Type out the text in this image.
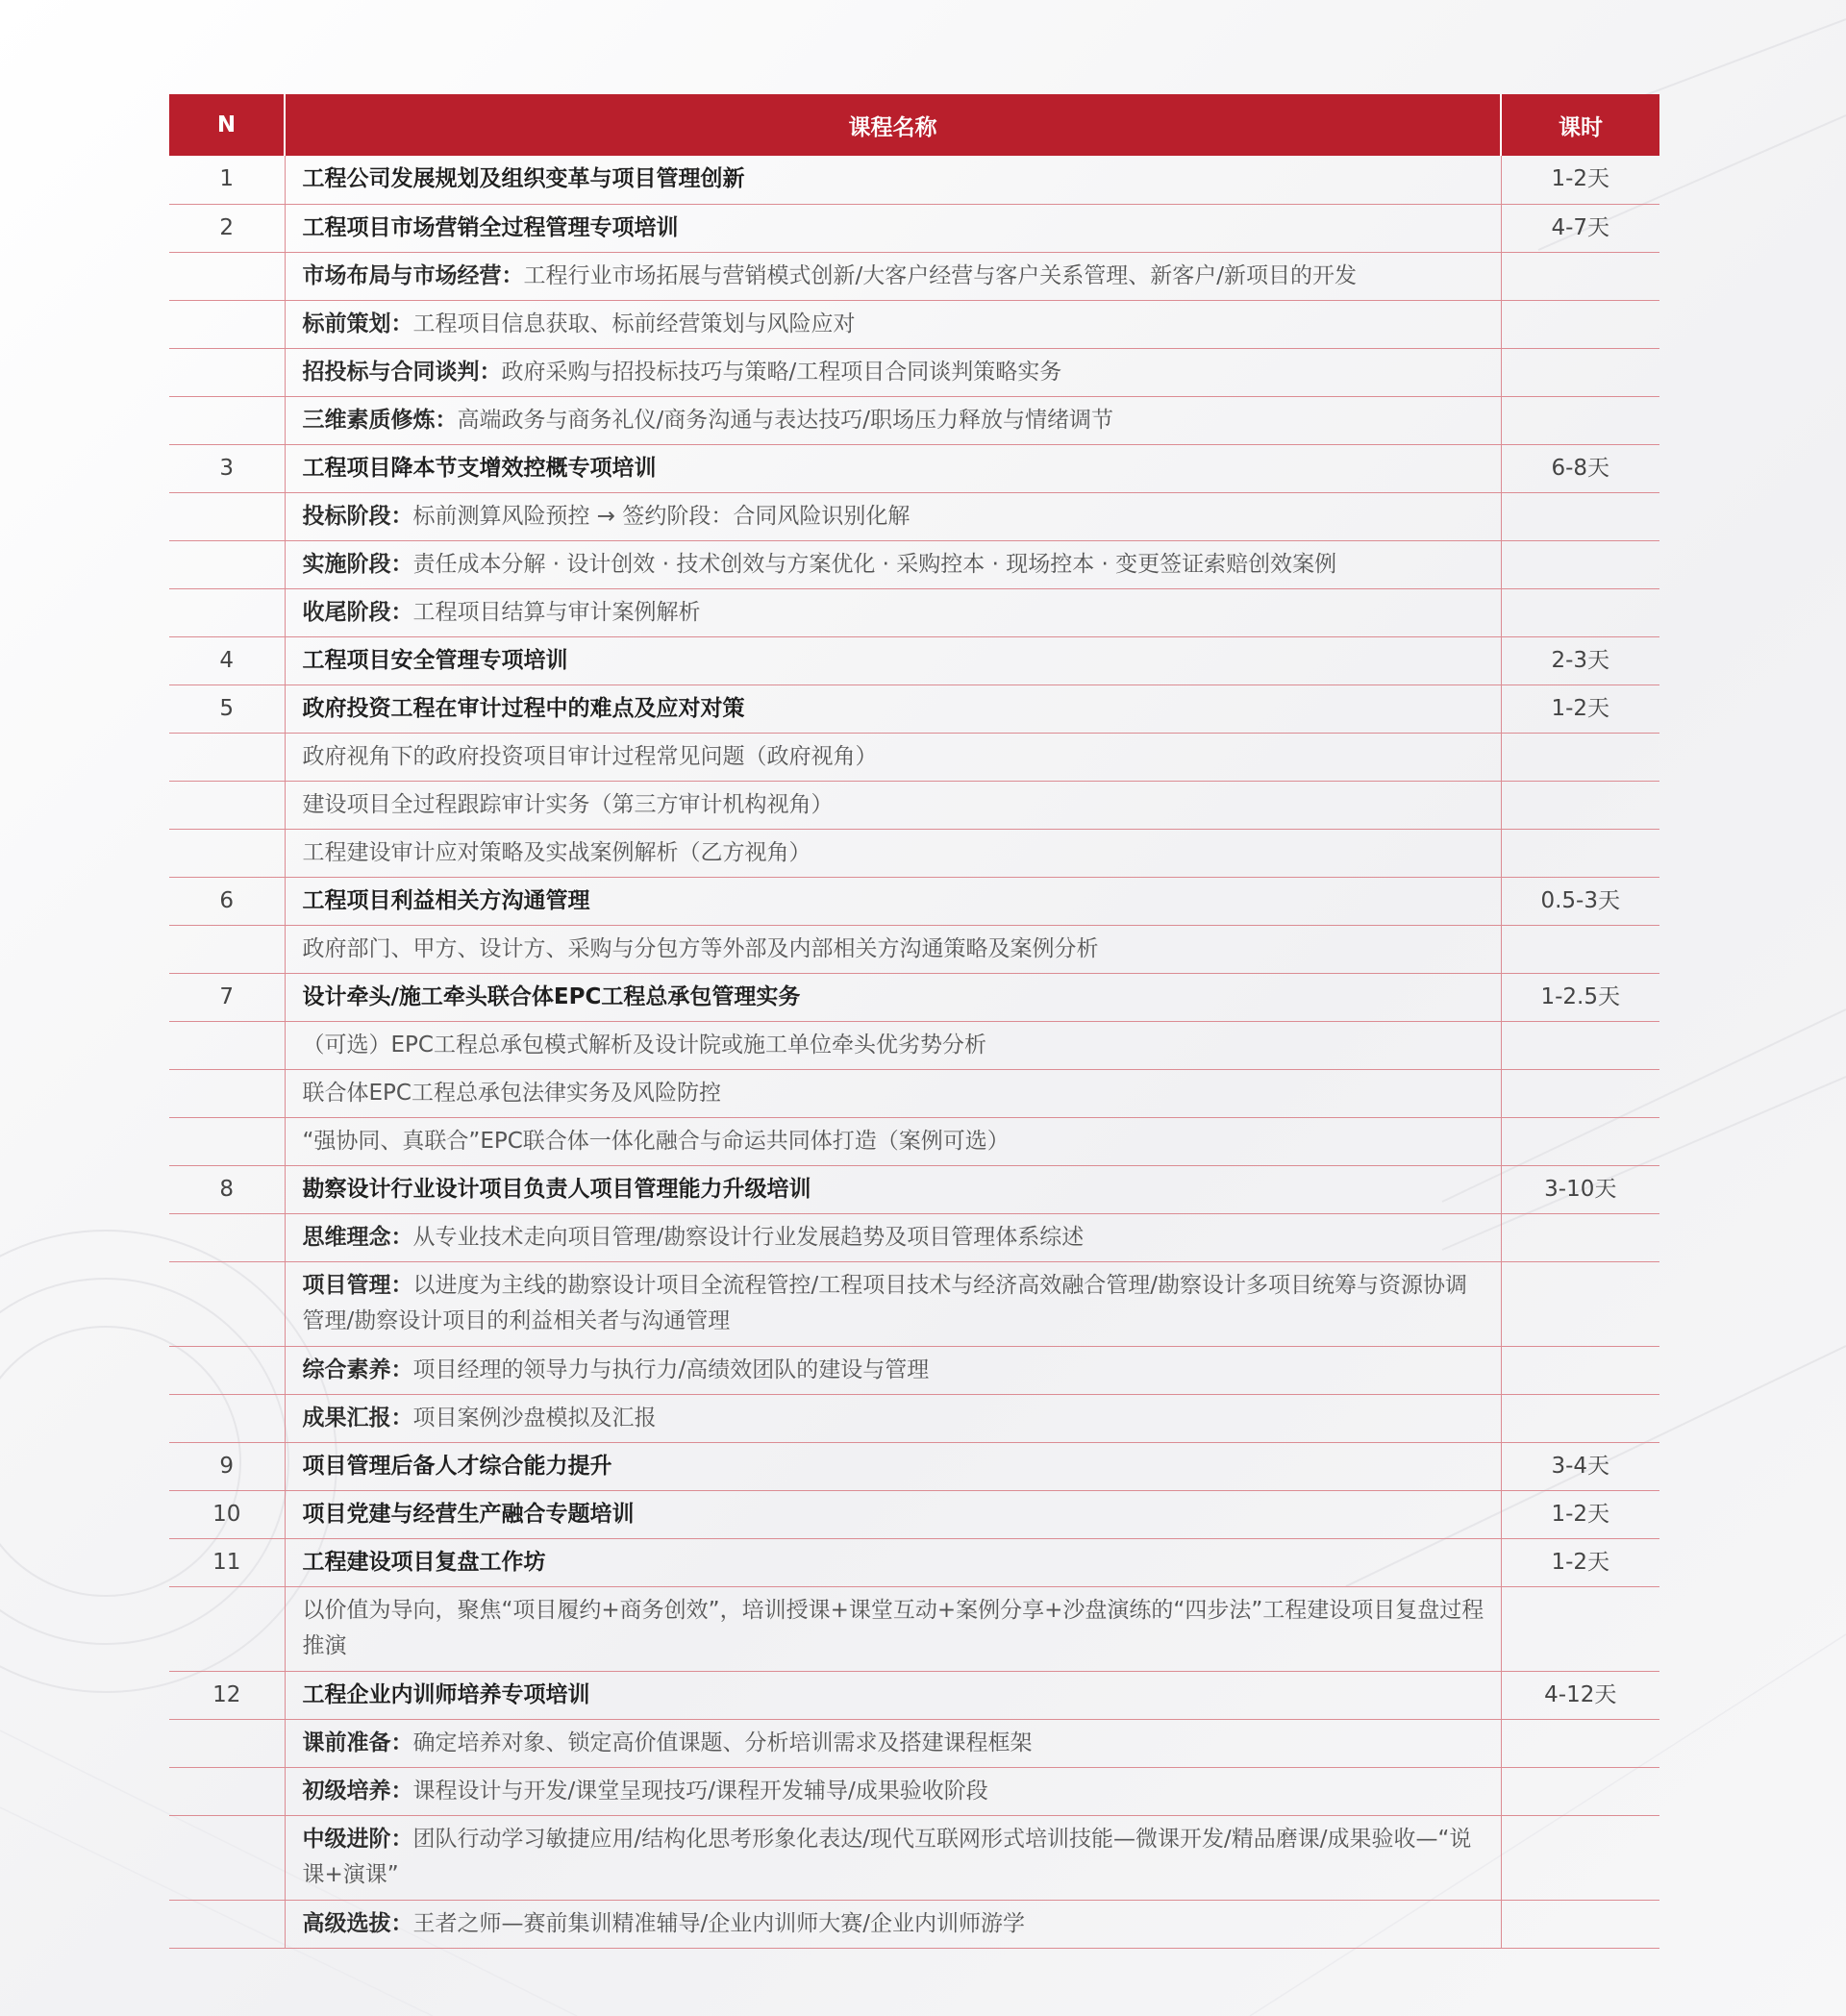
N	课程名称	课时
1	工程公司发展规划及组织变革与项目管理创新	1-2天
2	工程项目市场营销全过程管理专项培训	4-7天
	市场布局与市场经营：工程行业市场拓展与营销模式创新/大客户经营与客户关系管理、新客户/新项目的开发	
	标前策划：工程项目信息获取、标前经营策划与风险应对	
	招投标与合同谈判：政府采购与招投标技巧与策略/工程项目合同谈判策略实务	
	三维素质修炼：高端政务与商务礼仪/商务沟通与表达技巧/职场压力释放与情绪调节	
3	工程项目降本节支增效控概专项培训	6-8天
	投标阶段：标前测算风险预控 → 签约阶段：合同风险识别化解	
	实施阶段：责任成本分解 · 设计创效 · 技术创效与方案优化 · 采购控本 · 现场控本 · 变更签证索赔创效案例	
	收尾阶段：工程项目结算与审计案例解析	
4	工程项目安全管理专项培训	2-3天
5	政府投资工程在审计过程中的难点及应对对策	1-2天
	政府视角下的政府投资项目审计过程常见问题（政府视角）	
	建设项目全过程跟踪审计实务（第三方审计机构视角）	
	工程建设审计应对策略及实战案例解析（乙方视角）	
6	工程项目利益相关方沟通管理	0.5-3天
	政府部门、甲方、设计方、采购与分包方等外部及内部相关方沟通策略及案例分析	
7	设计牵头/施工牵头联合体EPC工程总承包管理实务	1-2.5天
	（可选）EPC工程总承包模式解析及设计院或施工单位牵头优劣势分析	
	联合体EPC工程总承包法律实务及风险防控	
	“强协同、真联合”EPC联合体一体化融合与命运共同体打造（案例可选）	
8	勘察设计行业设计项目负责人项目管理能力升级培训	3-10天
	思维理念：从专业技术走向项目管理/勘察设计行业发展趋势及项目管理体系综述	
	项目管理：以进度为主线的勘察设计项目全流程管控/工程项目技术与经济高效融合管理/勘察设计多项目统筹与资源协调管理/勘察设计项目的利益相关者与沟通管理	
	综合素养：项目经理的领导力与执行力/高绩效团队的建设与管理	
	成果汇报：项目案例沙盘模拟及汇报	
9	项目管理后备人才综合能力提升	3-4天
10	项目党建与经营生产融合专题培训	1-2天
11	工程建设项目复盘工作坊	1-2天
	以价值为导向，聚焦“项目履约+商务创效”，培训授课+课堂互动+案例分享+沙盘演练的“四步法”工程建设项目复盘过程推演	
12	工程企业内训师培养专项培训	4-12天
	课前准备：确定培养对象、锁定高价值课题、分析培训需求及搭建课程框架	
	初级培养：课程设计与开发/课堂呈现技巧/课程开发辅导/成果验收阶段	
	中级进阶：团队行动学习敏捷应用/结构化思考形象化表达/现代互联网形式培训技能—微课开发/精品磨课/成果验收—“说课+演课”	
	高级选拔：王者之师—赛前集训精准辅导/企业内训师大赛/企业内训师游学	
